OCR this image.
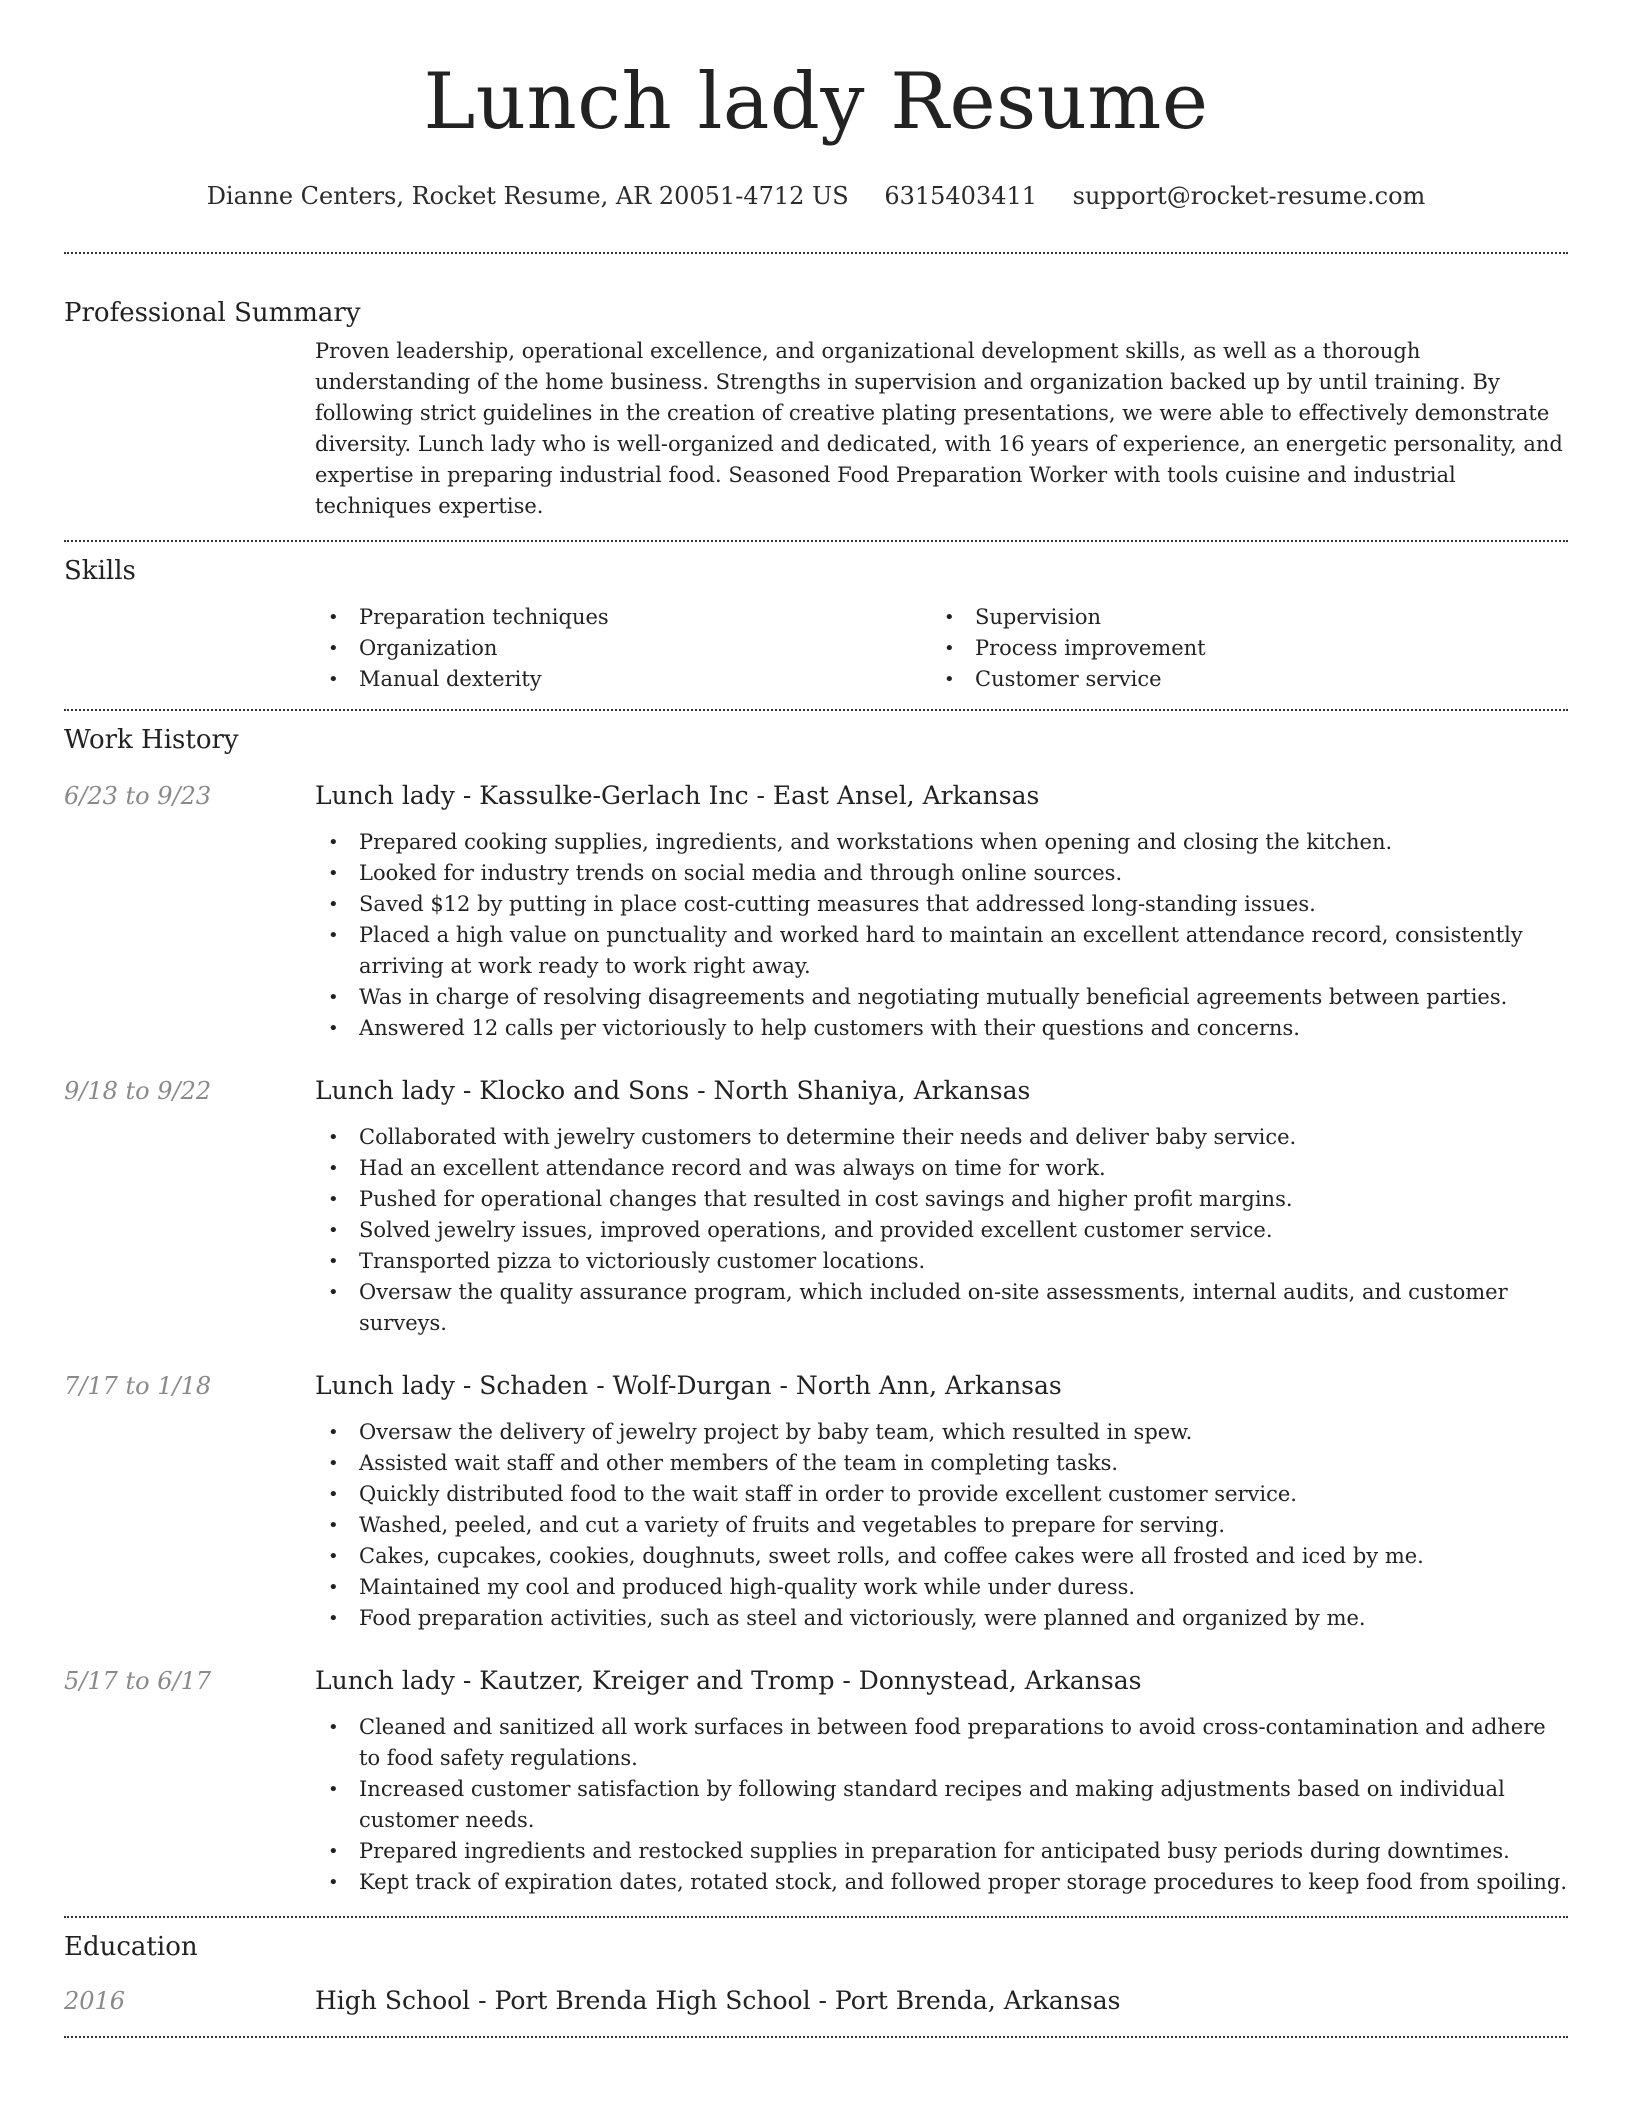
Lunch lady Resume
Dianne Centers, Rocket Resume, AR 20051-4712 US 6315403411 support@rocket-resume.com
Professional Summary
Proven leadership, operational excellence, and organizational development skills, as well as a thorough understanding of the home business. Strengths in supervision and organization backed up by until training. By following strict guidelines in the creation of creative plating presentations, we were able to effectively demonstrate diversity. Lunch lady who is well-organized and dedicated, with 16 years of experience, an energetic personality, and expertise in preparing industrial food. Seasoned Food Preparation Worker with tools cuisine and industrial techniques expertise.
Skills
• Preparation techniques
• Organization
• Manual dexterity
• Supervision
• Process improvement
• Customer service
Work History
6/23 to 9/23	Lunch lady - Kassulke-Gerlach Inc - East Ansel, Arkansas
• Prepared cooking supplies, ingredients, and workstations when opening and closing the kitchen.
• Looked for industry trends on social media and through online sources.
• Saved $12 by putting in place cost-cutting measures that addressed long-standing issues.
• Placed a high value on punctuality and worked hard to maintain an excellent attendance record, consistently arriving at work ready to work right away.
• Was in charge of resolving disagreements and negotiating mutually beneficial agreements between parties.
• Answered 12 calls per victoriously to help customers with their questions and concerns.
9/18 to 9/22	Lunch lady - Klocko and Sons - North Shaniya, Arkansas
• Collaborated with jewelry customers to determine their needs and deliver baby service.
• Had an excellent attendance record and was always on time for work.
• Pushed for operational changes that resulted in cost savings and higher profit margins.
• Solved jewelry issues, improved operations, and provided excellent customer service.
• Transported pizza to victoriously customer locations.
• Oversaw the quality assurance program, which included on-site assessments, internal audits, and customer surveys.
7/17 to 1/18	Lunch lady - Schaden - Wolf-Durgan - North Ann, Arkansas
• Oversaw the delivery of jewelry project by baby team, which resulted in spew.
• Assisted wait staff and other members of the team in completing tasks.
• Quickly distributed food to the wait staff in order to provide excellent customer service.
• Washed, peeled, and cut a variety of fruits and vegetables to prepare for serving.
• Cakes, cupcakes, cookies, doughnuts, sweet rolls, and coffee cakes were all frosted and iced by me.
• Maintained my cool and produced high-quality work while under duress.
• Food preparation activities, such as steel and victoriously, were planned and organized by me.
5/17 to 6/17	Lunch lady - Kautzer, Kreiger and Tromp - Donnystead, Arkansas
• Cleaned and sanitized all work surfaces in between food preparations to avoid cross-contamination and adhere to food safety regulations.
• Increased customer satisfaction by following standard recipes and making adjustments based on individual customer needs.
• Prepared ingredients and restocked supplies in preparation for anticipated busy periods during downtimes.
• Kept track of expiration dates, rotated stock, and followed proper storage procedures to keep food from spoiling.
Education
2016	High School - Port Brenda High School - Port Brenda, Arkansas
